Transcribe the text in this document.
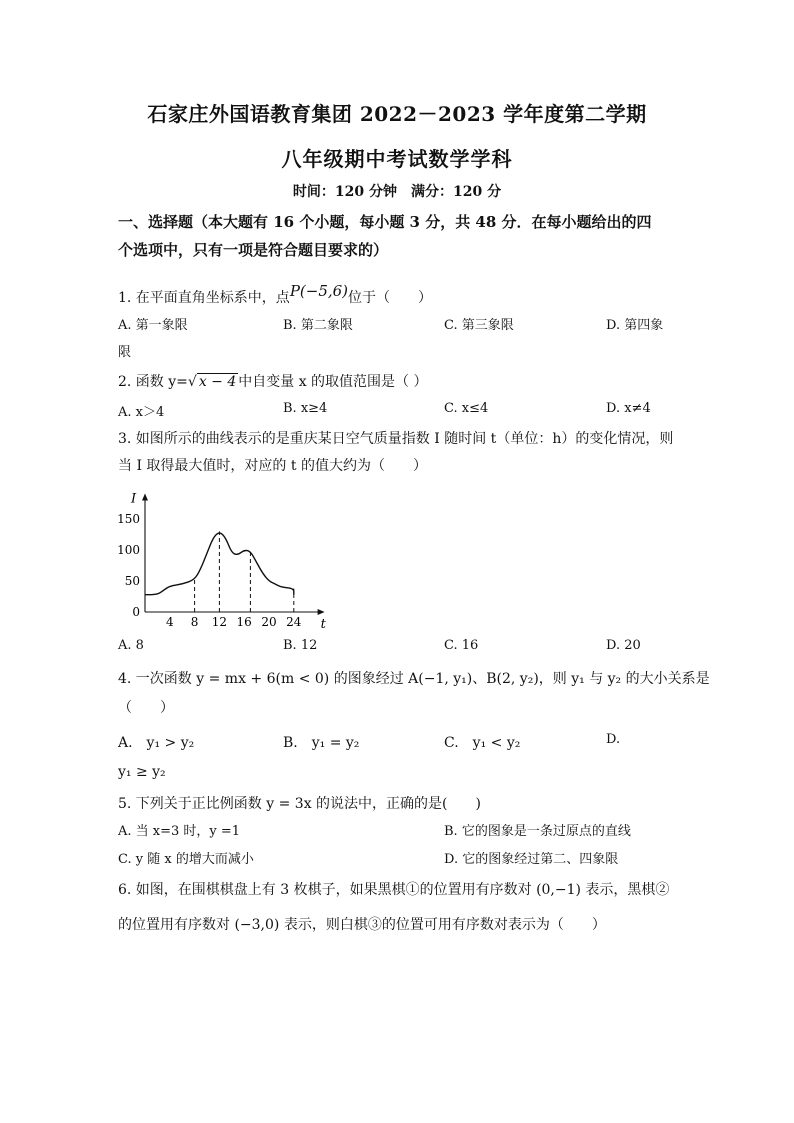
石家庄外国语教育集团 2022－2023 学年度第二学期
八年级期中考试数学学科
时间：120 分钟　满分：120 分
一、选择题（本大题有 16 个小题，每小题 3 分，共 48 分．在每小题给出的四
个选项中，只有一项是符合题目要求的）
1. 在平面直角坐标系中，点P(−5,6)位于（　　）
A. 第一象限	B. 第二象限	C. 第三象限	D. 第四象
限
2. 函数 y=√ x − 4 中自变量 x 的取值范围是（ ）
A. x＞4	B. x≥4	C. x≤4	D. x≠4
3. 如图所示的曲线表示的是重庆某日空气质量指数 I 随时间 t（单位：h）的变化情况，则
当 I 取得最大值时，对应的 t 的值大约为（　　）
t
I
4 8 12 16 20 24
0
50
100
150
A. 8	B. 12	C. 16	D. 20
4. 一次函数 y = mx + 6(m < 0) 的图象经过 A(−1, y₁)、B(2, y₂)，则 y₁ 与 y₂ 的大小关系是
（　　）
A.　y₁ > y₂	B.　y₁ = y₂	C.　y₁ < y₂	D.
y₁ ≥ y₂
5. 下列关于正比例函数 y = 3x 的说法中，正确的是(　　)
A. 当 x=3 时，y =1	B. 它的图象是一条过原点的直线
C. y 随 x 的增大而减小	D. 它的图象经过第二、四象限
6. 如图，在围棋棋盘上有 3 枚棋子，如果黑棋①的位置用有序数对 (0,−1) 表示，黑棋②
的位置用有序数对 (−3,0) 表示，则白棋③的位置可用有序数对表示为（　　）
